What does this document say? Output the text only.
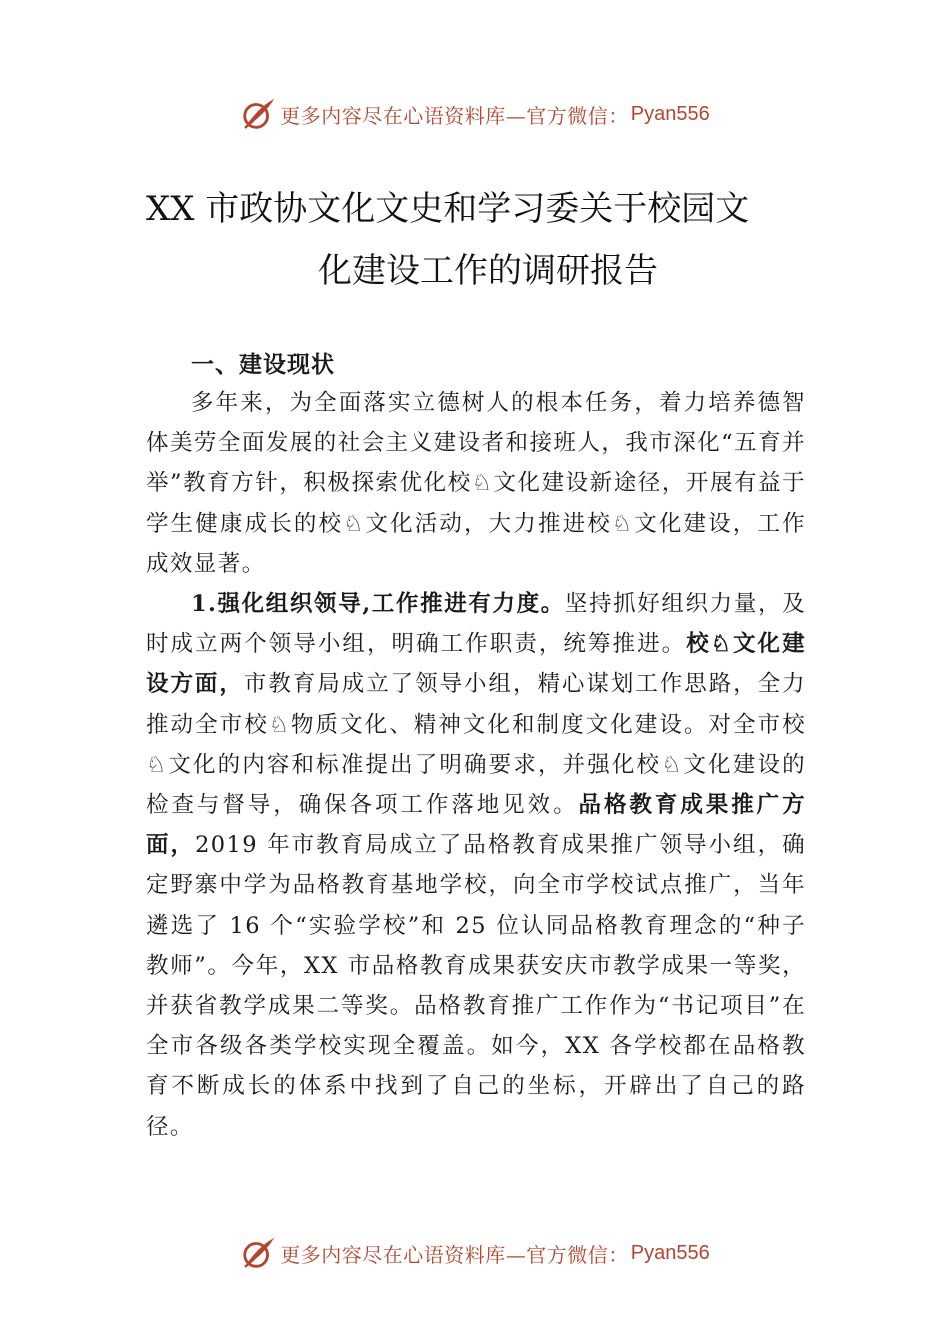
更多内容尽在心语资料库—官方微信： Pyan556
XX 市政协文化文史和学习委关于校园文
化建设工作的调研报告

一、建设现状

多年来，为全面落实立德树人的根本任务，着力培养德智体美劳全面发展的社会主义建设者和接班人，我市深化“五育并举”教育方针，积极探索优化校♘文化建设新途径，开展有益于学生健康成长的校♘文化活动，大力推进校♘文化建设，工作成效显著。

1.强化组织领导,工作推进有力度。坚持抓好组织力量，及时成立两个领导小组，明确工作职责，统筹推进。校♘文化建设方面，市教育局成立了领导小组，精心谋划工作思路，全力推动全市校♘物质文化、精神文化和制度文化建设。对全市校♘文化的内容和标准提出了明确要求，并强化校♘文化建设的检查与督导，确保各项工作落地见效。品格教育成果推广方面，2019 年市教育局成立了品格教育成果推广领导小组，确定野寨中学为品格教育基地学校，向全市学校试点推广，当年遴选了 16 个“实验学校”和 25 位认同品格教育理念的“种子教师”。今年，XX 市品格教育成果获安庆市教学成果一等奖，并获省教学成果二等奖。品格教育推广工作作为“书记项目”在全市各级各类学校实现全覆盖。如今，XX 各学校都在品格教育不断成长的体系中找到了自己的坐标，开辟出了自己的路径。

更多内容尽在心语资料库—官方微信： Pyan556
